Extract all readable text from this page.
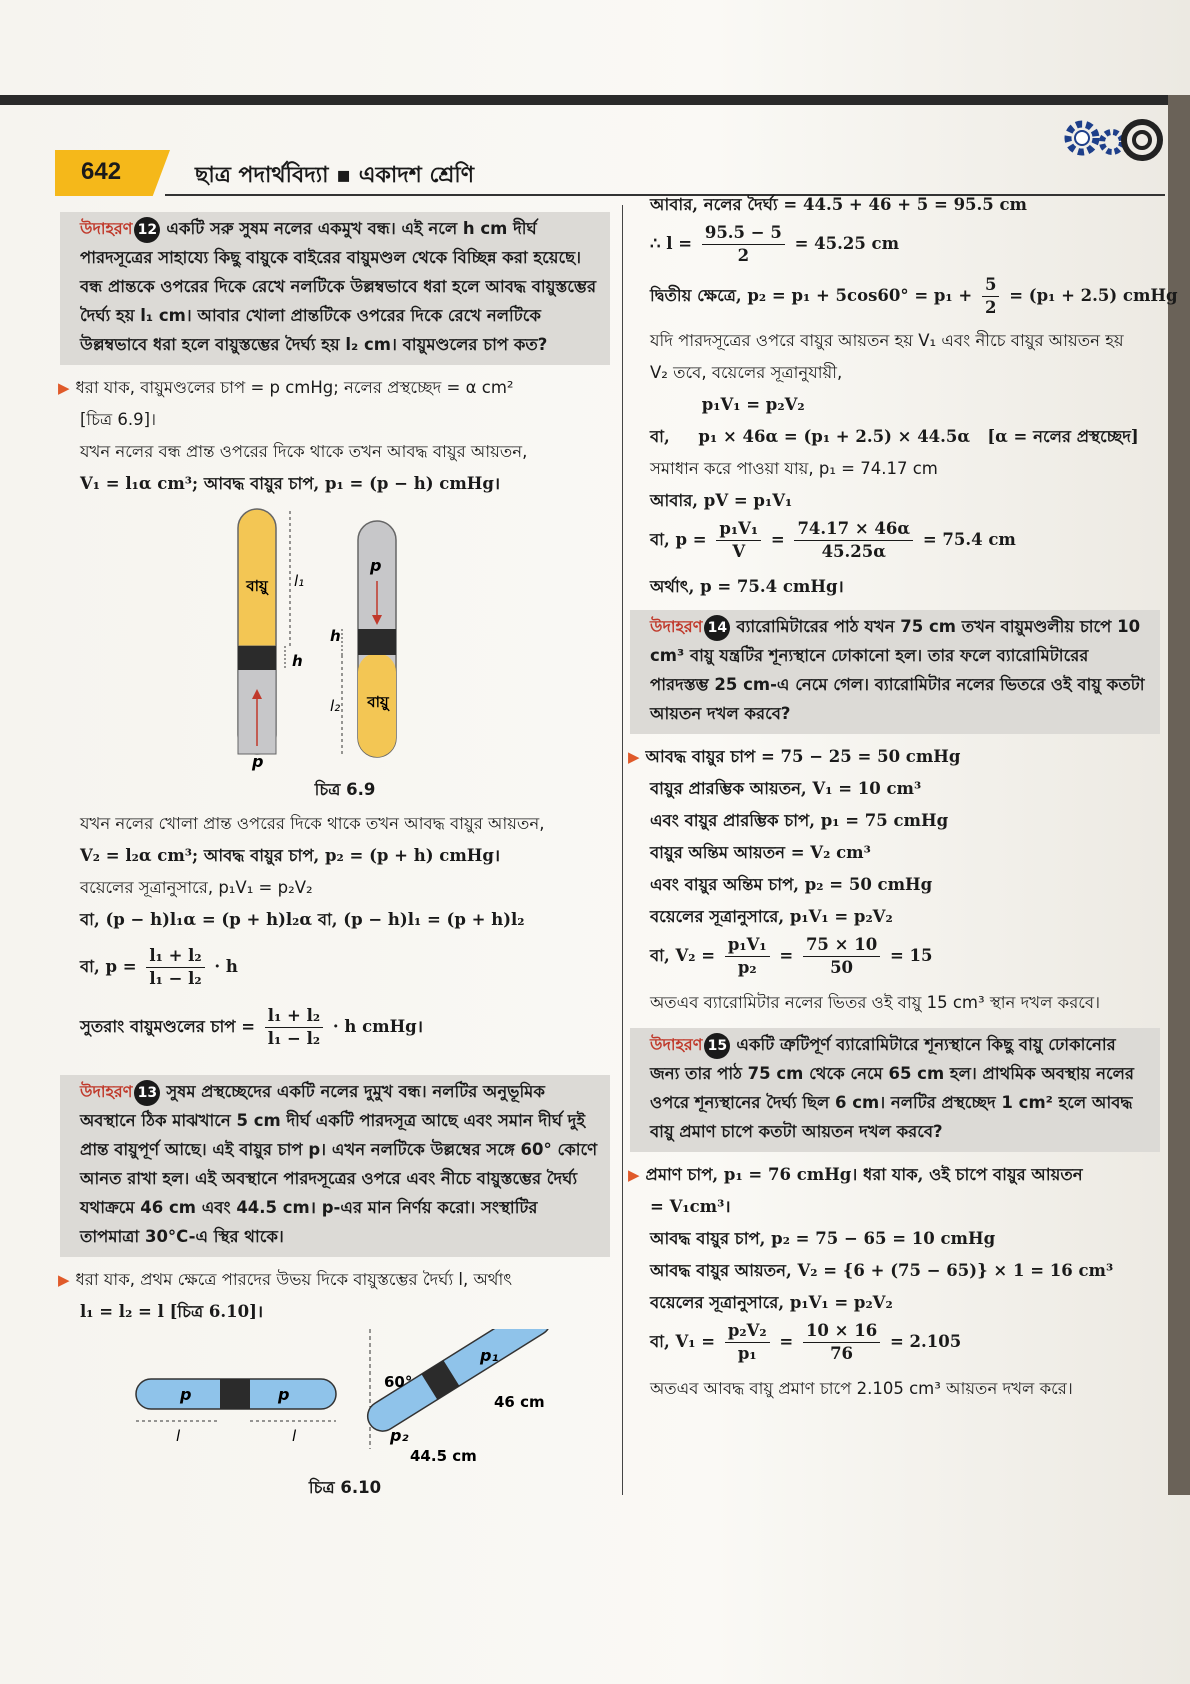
642	ছাত্র পদার্থবিদ্যা ▪ একাদশ শ্রেণি
উদাহরণ 12 একটি সরু সুষম নলের একমুখ বন্ধ। এই নলে h cm দীর্ঘ পারদসূত্রের সাহায্যে কিছু বায়ুকে বাইরের বায়ুমণ্ডল থেকে বিচ্ছিন্ন করা হয়েছে। বন্ধ প্রান্তকে ওপরের দিকে রেখে নলটিকে উল্লম্বভাবে ধরা হলে আবদ্ধ বায়ুস্তম্ভের দৈর্ঘ্য হয় l₁ cm। আবার খোলা প্রান্তটিকে ওপরের দিকে রেখে নলটিকে উল্লম্বভাবে ধরা হলে বায়ুস্তম্ভের দৈর্ঘ্য হয় l₂ cm। বায়ুমণ্ডলের চাপ কত?
▶ ধরা যাক, বায়ুমণ্ডলের চাপ = p cmHg; নলের প্রস্থচ্ছেদ = α cm²
[চিত্র 6.9]।
যখন নলের বন্ধ প্রান্ত ওপরের দিকে থাকে তখন আবদ্ধ বায়ুর আয়তন,
V₁ = l₁α cm³; আবদ্ধ বায়ুর চাপ, p₁ = (p − h) cmHg।
বায়ু l₁
h
p
p
বায়ু
h
l₂
চিত্র 6.9
যখন নলের খোলা প্রান্ত ওপরের দিকে থাকে তখন আবদ্ধ বায়ুর আয়তন,
V₂ = l₂α cm³; আবদ্ধ বায়ুর চাপ, p₂ = (p + h) cmHg।
বয়েলের সূত্রানুসারে, p₁V₁ = p₂V₂
বা, (p − h)l₁α = (p + h)l₂α বা, (p − h)l₁ = (p + h)l₂
বা, $p = \frac{\text{l₁ + l₂}}{\text{l₁ − l₂}} \cdot h$
সুতরাং বায়ুমণ্ডলের চাপ = $\frac{\text{l₁ + l₂}}{\text{l₁ − l₂}} \cdot h$ cmHg।
উদাহরণ 13 সুষম প্রস্থচ্ছেদের একটি নলের দুমুখ বন্ধ। নলটির অনুভূমিক অবস্থানে ঠিক মাঝখানে 5 cm দীর্ঘ একটি পারদসূত্র আছে এবং সমান দীর্ঘ দুই প্রান্ত বায়ুপূর্ণ আছে। এই বায়ুর চাপ p। এখন নলটিকে উল্লম্বের সঙ্গে 60° কোণে আনত রাখা হল। এই অবস্থানে পারদসূত্রের ওপরে এবং নীচে বায়ুস্তম্ভের দৈর্ঘ্য যথাক্রমে 46 cm এবং 44.5 cm। p-এর মান নির্ণয় করো। সংস্থাটির তাপমাত্রা 30°C-এ স্থির থাকে।
▶ ধরা যাক, প্রথম ক্ষেত্রে পারদের উভয় দিকে বায়ুস্তম্ভের দৈর্ঘ্য l, অর্থাৎ
l₁ = l₂ = l [চিত্র 6.10]।
p	p
l	l
60°
p₁
p₂
46 cm
44.5 cm
চিত্র 6.10
আবার, নলের দৈর্ঘ্য = 44.5 + 46 + 5 = 95.5 cm
∴ $l = \frac{95.5 - 5}{2} = 45.25$ cm
দ্বিতীয় ক্ষেত্রে, $p_2 = p_1 + 5\cos 60^\circ = p_1 + \frac{5}{2} = (p_1 + 2.5)$ cmHg
যদি পারদসূত্রের ওপরে বায়ুর আয়তন হয় V₁ এবং নীচে বায়ুর আয়তন হয়
V₂ তবে, বয়েলের সূত্রানুযায়ী,
p₁V₁ = p₂V₂
বা,     p₁ × 46α = (p₁ + 2.5) × 44.5α   [α = নলের প্রস্থচ্ছেদ]
সমাধান করে পাওয়া যায়, p₁ = 74.17 cm
আবার, pV = p₁V₁
বা, $p = \frac{\text{p₁V₁}}{V} = \frac{74.17 \times 46\alpha}{45.25\alpha} = 75.4$ cm
অর্থাৎ, p = 75.4 cmHg।
উদাহরণ 14 ব্যারোমিটারের পাঠ যখন 75 cm তখন বায়ুমণ্ডলীয় চাপে 10 cm³ বায়ু যন্ত্রটির শূন্যস্থানে ঢোকানো হল। তার ফলে ব্যারোমিটারের পারদস্তম্ভ 25 cm-এ নেমে গেল। ব্যারোমিটার নলের ভিতরে ওই বায়ু কতটা আয়তন দখল করবে?
▶ আবদ্ধ বায়ুর চাপ = 75 − 25 = 50 cmHg
বায়ুর প্রারম্ভিক আয়তন, V₁ = 10 cm³
এবং বায়ুর প্রারম্ভিক চাপ, p₁ = 75 cmHg
বায়ুর অন্তিম আয়তন = V₂ cm³
এবং বায়ুর অন্তিম চাপ, p₂ = 50 cmHg
বয়েলের সূত্রানুসারে, p₁V₁ = p₂V₂
বা, $V_2 = \frac{\text{p₁V₁}}{\text{p₂}} = \frac{75 \times 10}{50} = 15$
অতএব ব্যারোমিটার নলের ভিতর ওই বায়ু 15 cm³ স্থান দখল করবে।
উদাহরণ 15 একটি ত্রুটিপূর্ণ ব্যারোমিটারে শূন্যস্থানে কিছু বায়ু ঢোকানোর জন্য তার পাঠ 75 cm থেকে নেমে 65 cm হল। প্রাথমিক অবস্থায় নলের ওপরে শূন্যস্থানের দৈর্ঘ্য ছিল 6 cm। নলটির প্রস্থচ্ছেদ 1 cm² হলে আবদ্ধ বায়ু প্রমাণ চাপে কতটা আয়তন দখল করবে?
▶ প্রমাণ চাপ, p₁ = 76 cmHg। ধরা যাক, ওই চাপে বায়ুর আয়তন
= V₁cm³।
আবদ্ধ বায়ুর চাপ, p₂ = 75 − 65 = 10 cmHg
আবদ্ধ বায়ুর আয়তন, V₂ = {6 + (75 − 65)} × 1 = 16 cm³
বয়েলের সূত্রানুসারে, p₁V₁ = p₂V₂
বা, $V_1 = \frac{\text{p₂V₂}}{\text{p₁}} = \frac{10 \times 16}{76} = 2.105$
অতএব আবদ্ধ বায়ু প্রমাণ চাপে 2.105 cm³ আয়তন দখল করে।
